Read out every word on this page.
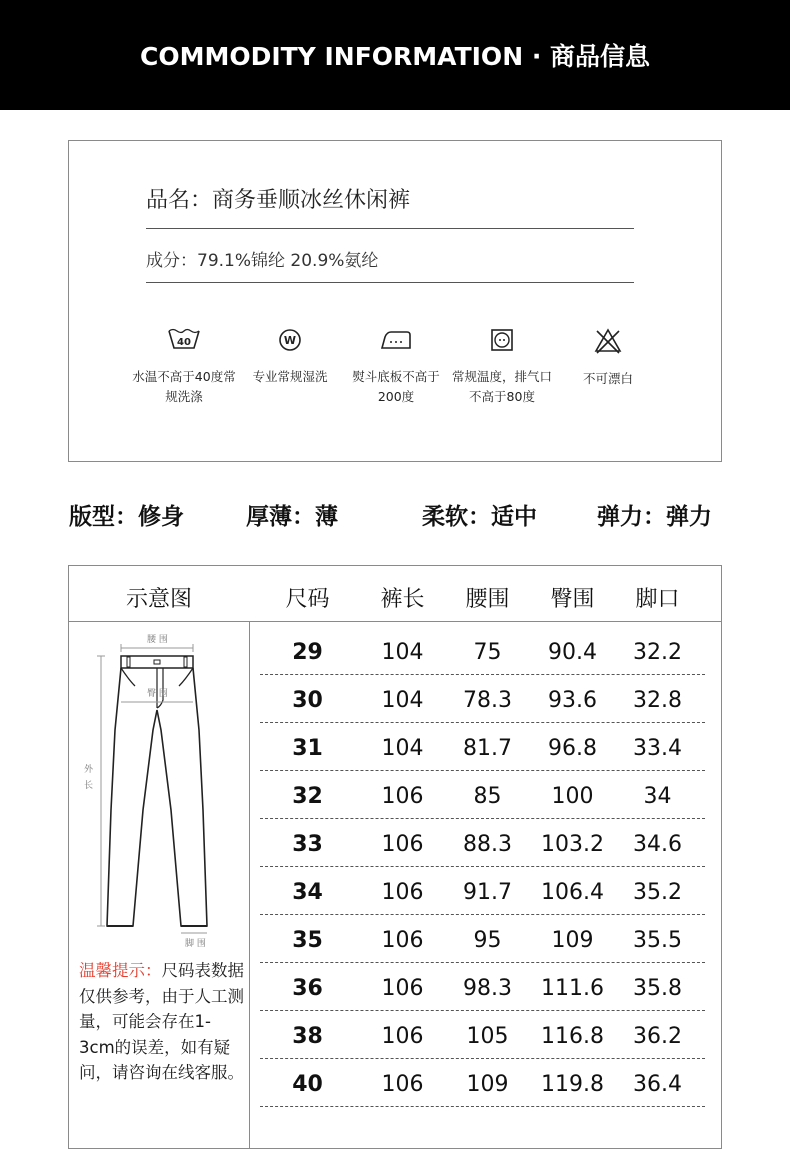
COMMODITY INFORMATION · 商品信息
品名：商务垂顺冰丝休闲裤
成分：79.1%锦纶 20.9%氨纶
40
水温不高于40度常规洗涤
W
专业常规湿洗	熨斗底板不高于200度
常规温度，排气口不高于80度
不可漂白
版型：修身	厚薄：薄	柔软：适中	弹力：弹力
示意图	尺码	裤长	腰围	臀围	脚口
腰 围
臀 围
外长
脚 围
温馨提示：尺码表数据仅供参考，由于人工测量，可能会存在1-3cm的误差，如有疑问，请咨询在线客服。
29	104	75	90.4	32.2
30	104	78.3	93.6	32.8
31	104	81.7	96.8	33.4
32	106	85	100	34
33	106	88.3	103.2	34.6
34	106	91.7	106.4	35.2
35	106	95	109	35.5
36	106	98.3	111.6	35.8
38	106	105	116.8	36.2
40	106	109	119.8	36.4
